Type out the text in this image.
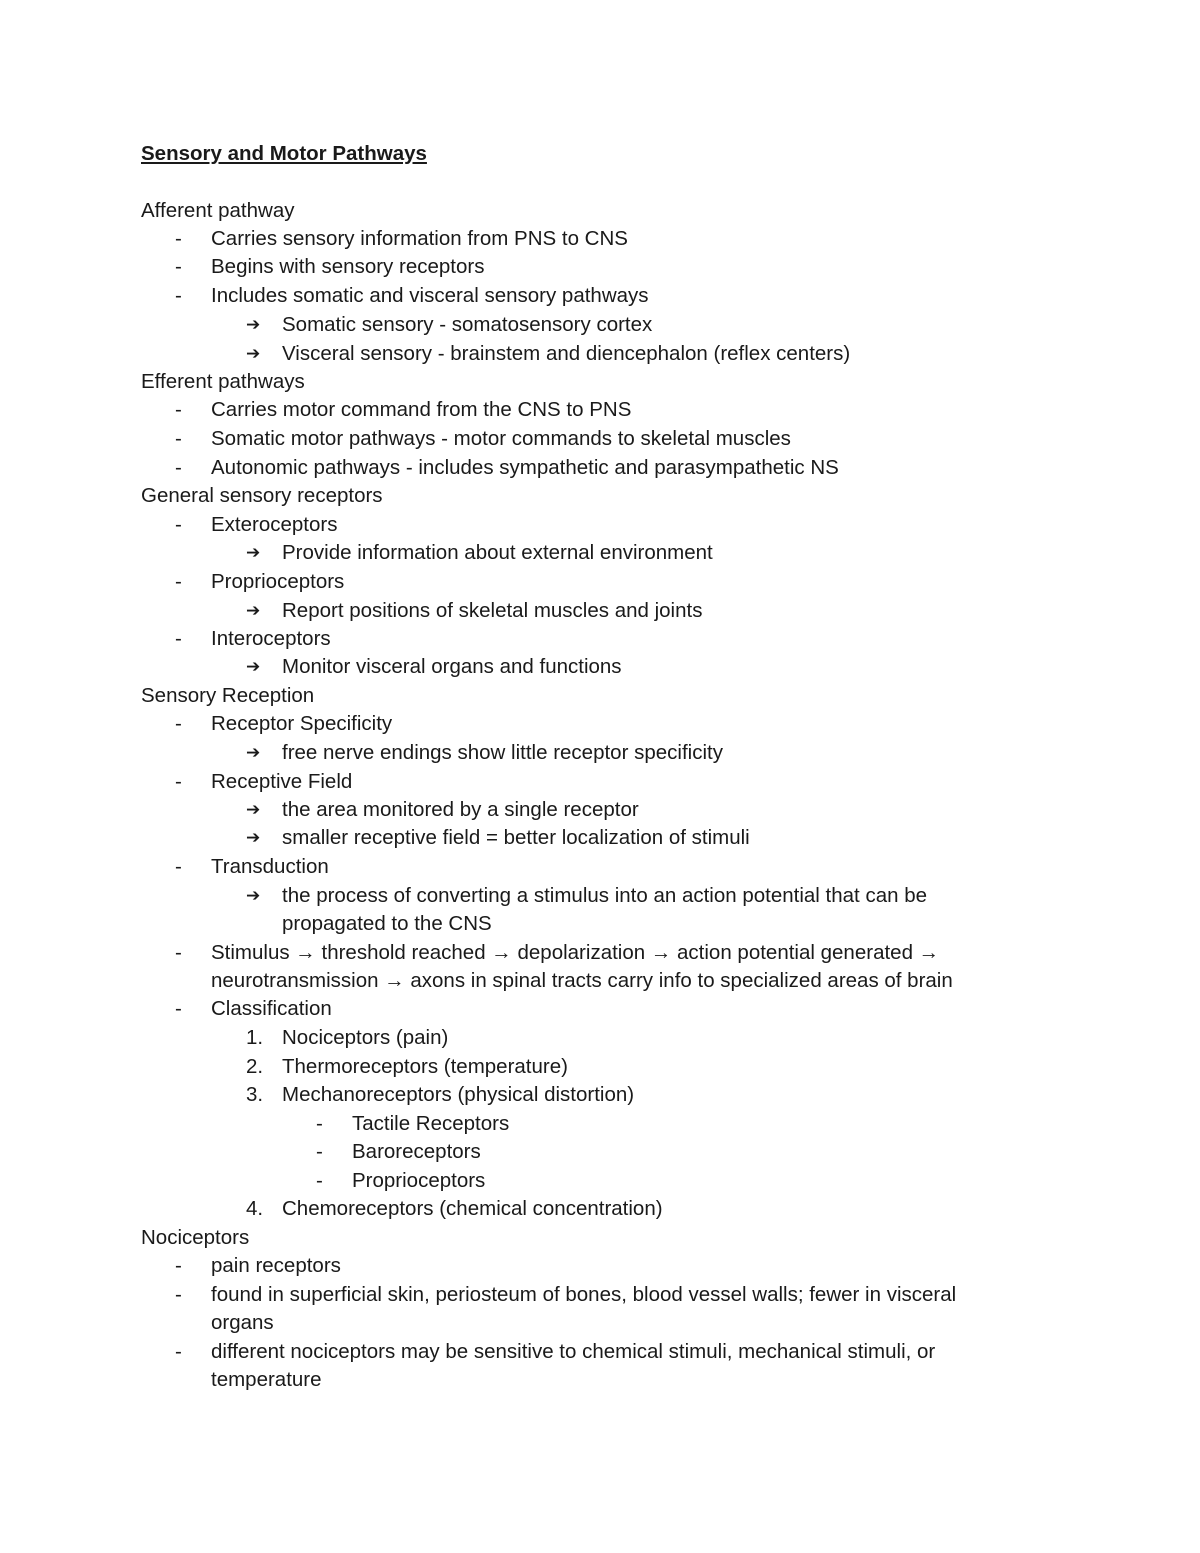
Sensory and Motor Pathways
Afferent pathway
- Carries sensory information from PNS to CNS
- Begins with sensory receptors
- Includes somatic and visceral sensory pathways
➔ Somatic sensory - somatosensory cortex
➔ Visceral sensory - brainstem and diencephalon (reflex centers)
Efferent pathways
- Carries motor command from the CNS to PNS
- Somatic motor pathways - motor commands to skeletal muscles
- Autonomic pathways - includes sympathetic and parasympathetic NS
General sensory receptors
- Exteroceptors
➔ Provide information about external environment
- Proprioceptors
➔ Report positions of skeletal muscles and joints
- Interoceptors
➔ Monitor visceral organs and functions
Sensory Reception
- Receptor Specificity
➔ free nerve endings show little receptor specificity
- Receptive Field
➔ the area monitored by a single receptor
➔ smaller receptive field = better localization of stimuli
- Transduction
➔ the process of converting a stimulus into an action potential that can be
propagated to the CNS
- Stimulus → threshold reached → depolarization → action potential generated →
neurotransmission → axons in spinal tracts carry info to specialized areas of brain
- Classification
1. Nociceptors (pain)
2. Thermoreceptors (temperature)
3. Mechanoreceptors (physical distortion)
- Tactile Receptors
- Baroreceptors
- Proprioceptors
4. Chemoreceptors (chemical concentration)
Nociceptors
- pain receptors
- found in superficial skin, periosteum of bones, blood vessel walls; fewer in visceral
organs
- different nociceptors may be sensitive to chemical stimuli, mechanical stimuli, or
temperature
